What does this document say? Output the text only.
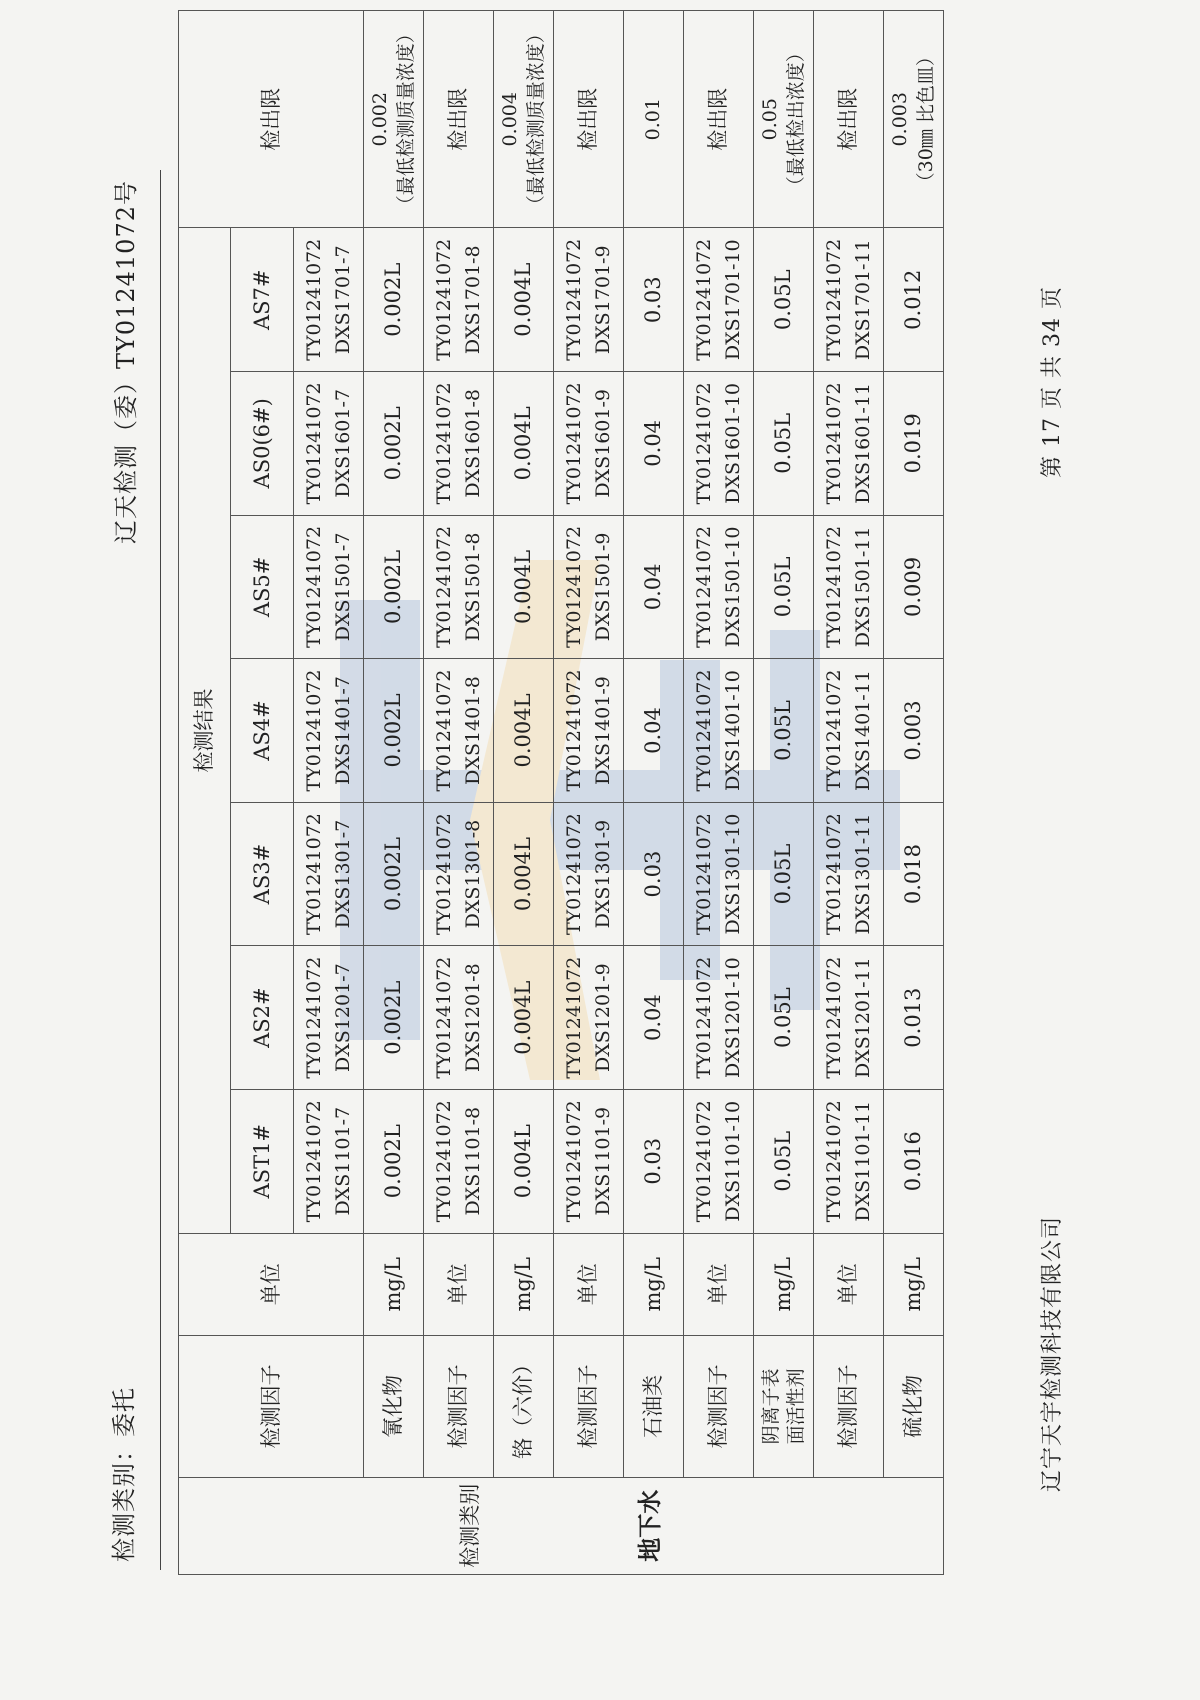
检测类别：委托
辽天检测（委）TY01241072号
检测类别 地下水	检测因子	单位	检测结果							检出限
			AST1#	AS2#	AS3#	AS4#	AS5#	AS0(6#)	AS7#	

			TY01241072 DXS1101-7	TY01241072 DXS1201-7	TY01241072 DXS1301-7	TY01241072 DXS1401-7	TY01241072 DXS1501-7	TY01241072 DXS1601-7	TY01241072 DXS1701-7	

	氰化物	mg/L	0.002L	0.002L	0.002L	0.002L	0.002L	0.002L	0.002L	0.002 （最低检测质量浓度）

	检测因子	单位	TY01241072 DXS1101-8	TY01241072 DXS1201-8	TY01241072 DXS1301-8	TY01241072 DXS1401-8	TY01241072 DXS1501-8	TY01241072 DXS1601-8	TY01241072 DXS1701-8	检出限
	铬（六价）	mg/L	0.004L	0.004L	0.004L	0.004L	0.004L	0.004L	0.004L	0.004 （最低检测质量浓度）

	检测因子	单位	TY01241072 DXS1101-9	TY01241072 DXS1201-9	TY01241072 DXS1301-9	TY01241072 DXS1401-9	TY01241072 DXS1501-9	TY01241072 DXS1601-9	TY01241072 DXS1701-9	检出限
	石油类	mg/L	0.03	0.04	0.03	0.04	0.04	0.04	0.03	0.01

	检测因子	单位	TY01241072 DXS1101-10	TY01241072 DXS1201-10	TY01241072 DXS1301-10	TY01241072 DXS1401-10	TY01241072 DXS1501-10	TY01241072 DXS1601-10	TY01241072 DXS1701-10	检出限

	阴离子表 面活性剂	mg/L	0.05L	0.05L	0.05L	0.05L	0.05L	0.05L	0.05L	0.05 （最低检出浓度）

	检测因子	单位	TY01241072 DXS1101-11	TY01241072 DXS1201-11	TY01241072 DXS1301-11	TY01241072 DXS1401-11	TY01241072 DXS1501-11	TY01241072 DXS1601-11	TY01241072 DXS1701-11	检出限
	硫化物	mg/L	0.016	0.013	0.018	0.003	0.009	0.019	0.012	0.003 （30㎜ 比色皿）
辽宁天宇检测科技有限公司
第 17 页 共 34 页
